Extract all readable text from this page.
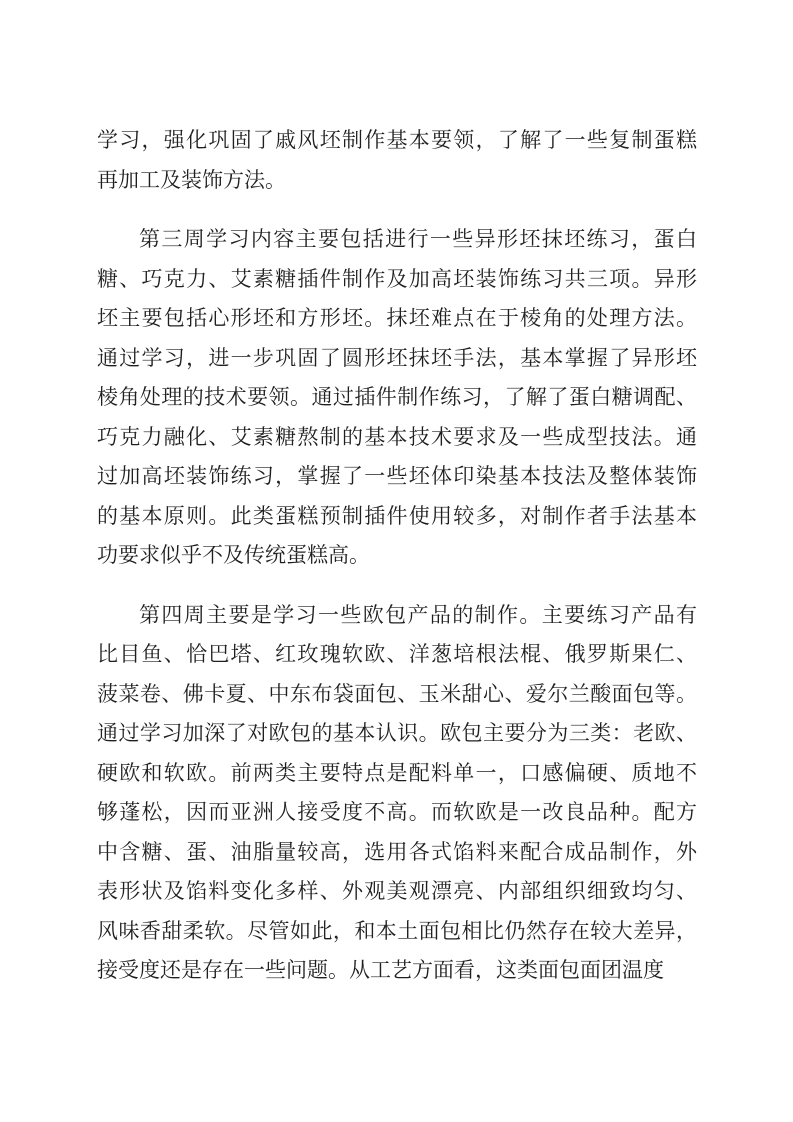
学习，强化巩固了戚风坯制作基本要领，了解了一些复制蛋糕
再加工及装饰方法。
第三周学习内容主要包括进行一些异形坯抹坯练习，蛋白
糖、巧克力、艾素糖插件制作及加高坯装饰练习共三项。异形
坯主要包括心形坯和方形坯。抹坯难点在于棱角的处理方法。
通过学习，进一步巩固了圆形坯抹坯手法，基本掌握了异形坯
棱角处理的技术要领。通过插件制作练习，了解了蛋白糖调配、
巧克力融化、艾素糖熬制的基本技术要求及一些成型技法。通
过加高坯装饰练习，掌握了一些坯体印染基本技法及整体装饰
的基本原则。此类蛋糕预制插件使用较多，对制作者手法基本
功要求似乎不及传统蛋糕高。
第四周主要是学习一些欧包产品的制作。主要练习产品有
比目鱼、恰巴塔、红玫瑰软欧、洋葱培根法棍、俄罗斯果仁、
菠菜卷、佛卡夏、中东布袋面包、玉米甜心、爱尔兰酸面包等。
通过学习加深了对欧包的基本认识。欧包主要分为三类：老欧、
硬欧和软欧。前两类主要特点是配料单一，口感偏硬、质地不
够蓬松，因而亚洲人接受度不高。而软欧是一改良品种。配方
中含糖、蛋、油脂量较高，选用各式馅料来配合成品制作，外
表形状及馅料变化多样、外观美观漂亮、内部组织细致均匀、
风味香甜柔软。尽管如此，和本土面包相比仍然存在较大差异，
接受度还是存在一些问题。从工艺方面看，这类面包面团温度
